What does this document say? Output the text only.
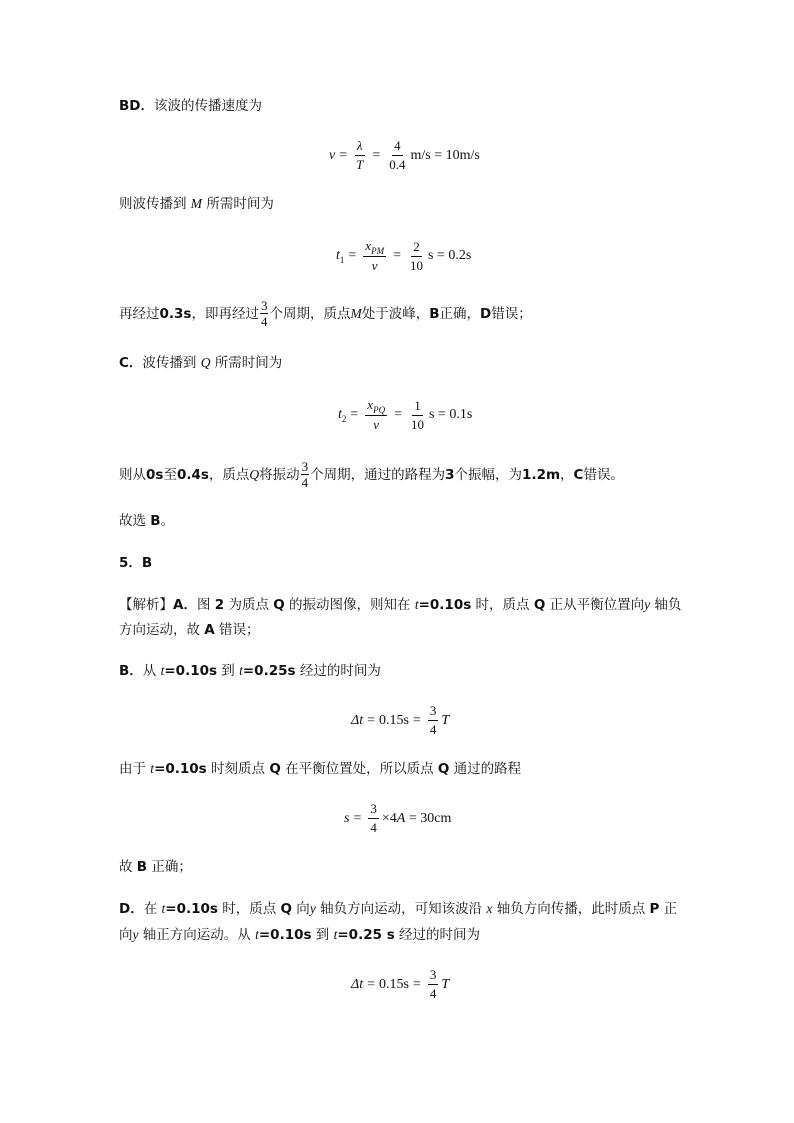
BD．该波的传播速度为
$v = \frac{\lambda}{T} = \frac{4}{0.4} m/s = 10m/s$
则波传播到 M 所需时间为
$t_1 = \frac{x_{PM}}{v} = \frac{2}{10}$ s = 0.2s
再经过 0.3s ，即再经过 3
4 个周期，质点 M 处于波峰， B 正确， D 错误；
C．波传播到 Q 所需时间为
$t_2 = \frac{x_{PQ}}{v} = \frac{1}{10}$ s = 0.1s
则从 0s 至 0.4s ，质点 Q 将振动 3
4 个周期，通过的路程为 3 个振幅，为 1.2m ， C 错误。
故选 B。
5．B
【解析】A．图 2 为质点 Q 的振动图像，则知在 t=0.10s 时，质点 Q 正从平衡位置向y 轴负
方向运动，故 A 错误；
B．从 t=0.10s 到 t=0.25s 经过的时间为
$\Delta t = 0.15s = \frac{3}{4}$ T
由于 t=0.10s 时刻质点 Q 在平衡位置处，所以质点 Q 通过的路程
$s = \frac{3}{4} \times 4$ A
= 30cm
故 B 正确；
D．在 t=0.10s 时，质点 Q 向y 轴负方向运动，可知该波沿 x 轴负方向传播，此时质点 P 正
向y 轴正方向运动。从 t=0.10s 到 t=0.25 s 经过的时间为
$\Delta t = 0.15s = \frac{3}{4}$ T
